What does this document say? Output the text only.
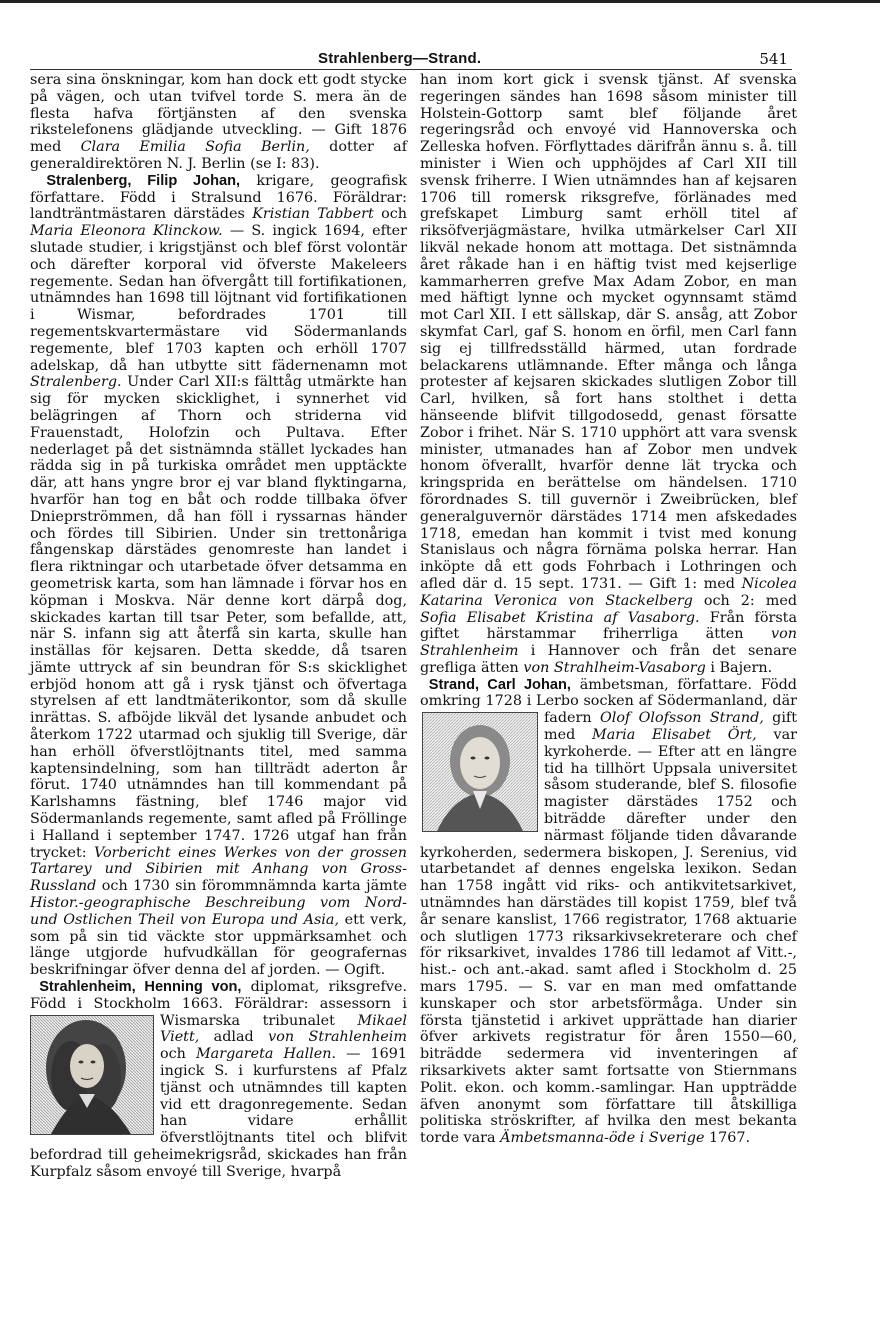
Strahlenberg—Strand.	541

sera sina önskningar, kom han dock ett godt stycke på vägen, och utan tvifvel torde S. mera än de flesta hafva förtjänsten af den svenska rikstelefonens glädjande utveckling. — Gift 1876 med Clara Emilia Sofia Berlin, dotter af generaldirektören N. J. Berlin (se I: 83).

Stralenberg, Filip Johan, krigare, geografisk författare. Född i Stralsund 1676. Föräldrar: landträntmästaren därstädes Kristian Tabbert och Maria Eleonora Klinckow. — S. ingick 1694, efter slutade studier, i krigstjänst och blef först volontär och därefter korporal vid öfverste Makeleers regemente. Sedan han öfvergått till fortifikationen, utnämndes han 1698 till löjtnant vid fortifikationen i Wismar, befordrades 1701 till regementskvartermästare vid Södermanlands regemente, blef 1703 kapten och erhöll 1707 adelskap, då han utbytte sitt fädernenamn mot Stralenberg. Under Carl XII:s fälttåg utmärkte han sig för mycken skicklighet, i synnerhet vid belägringen af Thorn och striderna vid Frauenstadt, Holofzin och Pultava. Efter nederlaget på det sistnämnda stället lyckades han rädda sig in på turkiska området men upptäckte där, att hans yngre bror ej var bland flyktingarna, hvarför han tog en båt och rodde tillbaka öfver Dnieprströmmen, då han föll i ryssarnas händer och fördes till Sibirien. Under sin trettonåriga fångenskap därstädes genomreste han landet i flera riktningar och utarbetade öfver detsamma en geometrisk karta, som han lämnade i förvar hos en köpman i Moskva. När denne kort därpå dog, skickades kartan till tsar Peter, som befallde, att, när S. infann sig att återfå sin karta, skulle han inställas för kejsaren. Detta skedde, då tsaren jämte uttryck af sin beundran för S:s skicklighet erbjöd honom att gå i rysk tjänst och öfvertaga styrelsen af ett landtmäterikontor, som då skulle inrättas. S. afböjde likväl det lysande anbudet och återkom 1722 utarmad och sjuklig till Sverige, där han erhöll öfverstlöjtnants titel, med samma kaptensindelning, som han tillträdt aderton år förut. 1740 utnämndes han till kommendant på Karlshamns fästning, blef 1746 major vid Södermanlands regemente, samt afled på Fröllinge i Halland i september 1747. 1726 utgaf han från trycket: Vorbericht eines Werkes von der grossen Tartarey und Sibirien mit Anhang von Gross-Russland och 1730 sin förommnämnda karta jämte Histor.-geographische Beschreibung vom Nord- und Ostlichen Theil von Europa und Asia, ett verk, som på sin tid väckte stor uppmärksamhet och länge utgjorde hufvudkällan för geografernas beskrifningar öfver denna del af jorden. — Ogift.

Strahlenheim, Henning von, diplomat, riksgrefve. Född i Stockholm 1663. Föräldrar: assessorn i Wismarska tribunalet
Mikael Viett, adlad von Strahlenheim och Margareta Hallen. — 1691 ingick S. i kurfurstens af Pfalz tjänst och utnämndes till kapten vid ett dragonregemente. Sedan han vidare erhållit öfverstlöjtnants titel och blifvit befordrad till geheimekrigsråd, skickades han från Kurpfalz såsom envoyé till Sverige, hvarpå

han inom kort gick i svensk tjänst. Af svenska regeringen sändes han 1698 såsom minister till Holstein-Gottorp samt blef följande året regeringsråd och envoyé vid Hannoverska och Zelleska hofven. Förflyttades därifrån ännu s. å. till minister i Wien och upphöjdes af Carl XII till svensk friherre. I Wien utnämndes han af kejsaren 1706 till romersk riksgrefve, förlänades med grefskapet Limburg samt erhöll titel af riksöfverjägmästare, hvilka utmärkelser Carl XII likväl nekade honom att mottaga. Det sistnämnda året råkade han i en häftig tvist med kejserlige kammarherren grefve Max Adam Zobor, en man med häftigt lynne och mycket ogynnsamt stämd mot Carl XII. I ett sällskap, där S. ansåg, att Zobor skymfat Carl, gaf S. honom en örfil, men Carl fann sig ej tillfredsställd härmed, utan fordrade belackarens utlämnande. Efter många och långa protester af kejsaren skickades slutligen Zobor till Carl, hvilken, så fort hans stolthet i detta hänseende blifvit tillgodosedd, genast försatte Zobor i frihet. När S. 1710 upphört att vara svensk minister, utmanades han af Zobor men undvek honom öfverallt, hvarför denne lät trycka och kringsprida en berättelse om händelsen. 1710 förordnades S. till guvernör i Zweibrücken, blef generalguvernör därstädes 1714 men afskedades 1718, emedan han kommit i tvist med konung Stanislaus och några förnäma polska herrar. Han inköpte då ett gods Fohrbach i Lothringen och afled där d. 15 sept. 1731. — Gift 1: med Nicolea Katarina Veronica von Stackelberg och 2: med Sofia Elisabet Kristina af Vasaborg. Från första giftet härstammar friherrliga ätten von Strahlenheim i Hannover och från det senare grefliga ätten von Strahlheim-Vasaborg i Bajern.

Strand, Carl Johan, ämbetsman, författare. Född omkring 1728 i Lerbo socken af Södermanland, där fadern
Olof Olofsson Strand, gift med Maria Elisabet Ört, var kyrkoherde. — Efter att en längre tid ha tillhört Uppsala universitet såsom studerande, blef S. filosofie magister därstädes 1752 och biträdde därefter under den närmast följande tiden dåvarande kyrkoherden, sedermera biskopen, J. Serenius, vid utarbetandet af dennes engelska lexikon. Sedan han 1758 ingått vid riks- och antikvitetsarkivet, utnämndes han därstädes till kopist 1759, blef två år senare kanslist, 1766 registrator, 1768 aktuarie och slutligen 1773 riksarkivsekreterare och chef för riksarkivet, invaldes 1786 till ledamot af Vitt.-, hist.- och ant.-akad. samt afled i Stockholm d. 25 mars 1795. — S. var en man med omfattande kunskaper och stor arbetsförmåga. Under sin första tjänstetid i arkivet upprättade han diarier öfver arkivets registratur för åren 1550—60, biträdde sedermera vid inventeringen af riksarkivets akter samt fortsatte von Stiernmans Polit. ekon. och komm.-samlingar. Han uppträdde äfven anonymt som författare till åtskilliga politiska ströskrifter, af hvilka den mest bekanta torde vara Ämbetsmanna-öde i Sverige 1767.
